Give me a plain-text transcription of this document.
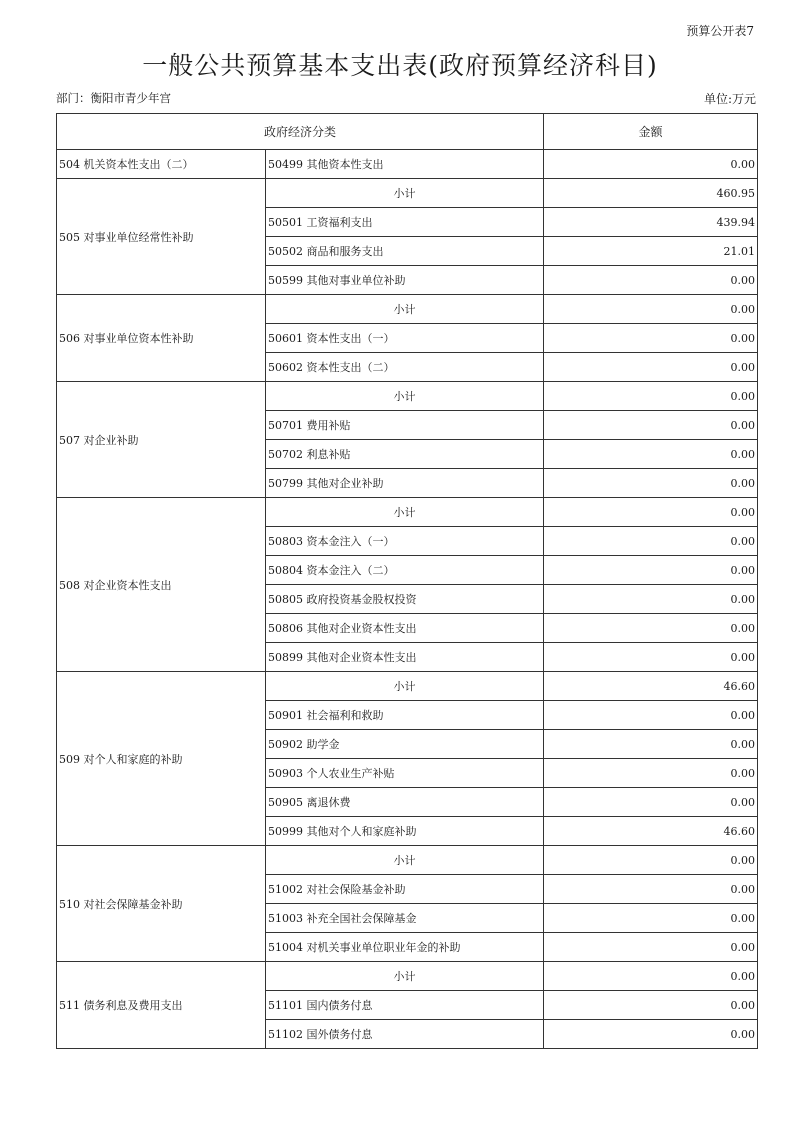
预算公开表7
一般公共预算基本支出表(政府预算经济科目)
部门：衡阳市青少年宫	单位:万元
政府经济分类		金额
504 机关资本性支出（二）	50499 其他资本性支出	0.00
505 对事业单位经常性补助	小计	460.95
	50501 工资福利支出	439.94
	50502 商品和服务支出	21.01
	50599 其他对事业单位补助	0.00
506 对事业单位资本性补助	小计	0.00
	50601 资本性支出（一）	0.00
	50602 资本性支出（二）	0.00
507 对企业补助	小计	0.00
	50701 费用补贴	0.00
	50702 利息补贴	0.00
	50799 其他对企业补助	0.00
508 对企业资本性支出	小计	0.00
	50803 资本金注入（一）	0.00
	50804 资本金注入（二）	0.00
	50805 政府投资基金股权投资	0.00
	50806 其他对企业资本性支出	0.00
	50899 其他对企业资本性支出	0.00
509 对个人和家庭的补助	小计	46.60
	50901 社会福利和救助	0.00
	50902 助学金	0.00
	50903 个人农业生产补贴	0.00
	50905 离退休费	0.00
	50999 其他对个人和家庭补助	46.60
510 对社会保障基金补助	小计	0.00
	51002 对社会保险基金补助	0.00
	51003 补充全国社会保障基金	0.00
	51004 对机关事业单位职业年金的补助	0.00
511 债务利息及费用支出	小计	0.00
	51101 国内债务付息	0.00
	51102 国外债务付息	0.00
